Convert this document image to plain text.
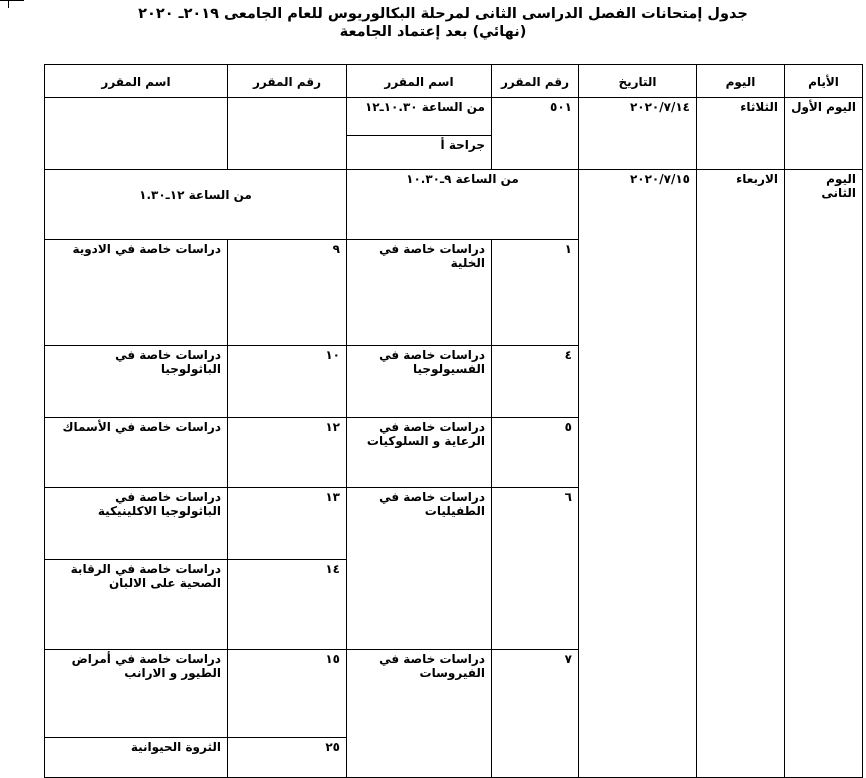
جدول إمتحانات الفصل الدراسى الثانى لمرحلة البكالوريوس للعام الجامعى ٢٠١٩ـ ٢٠٢٠
(نهائي) بعد إعتماد الجامعة
الأيام	اليوم	التاريخ	رقم المقرر	اسم المقرر	رقم المقرر	اسم المقرر
اليوم الأول	الثلاثاء	٢٠٢٠/٧/١٤	٥٠١	من الساعة ١٠.٣٠ـ١٢		
				جراحة أ		
اليوم الثانى	الاربعاء	٢٠٢٠/٧/١٥	من الساعة ٩ـ١٠.٣٠		من الساعة ١٢ـ١.٣٠	
			١	دراسات خاصة في الخلية	٩	دراسات خاصة في الادوية
			٤	دراسات خاصة في الفسيولوجيا	١٠	دراسات خاصة في الباثولوجيا
			٥	دراسات خاصة في الرعاية و السلوكيات	١٢	دراسات خاصة في الأسماك
			٦	دراسات خاصة في الطفيليات	١٣	دراسات خاصة في الباثولوجيا الاكلينيكية
					١٤	دراسات خاصة في الرقابة الصحية على الالبان
			٧	دراسات خاصة في الفيروسات	١٥	دراسات خاصة في أمراض الطيور و الارانب
					٢٥	الثروة الحيوانية
